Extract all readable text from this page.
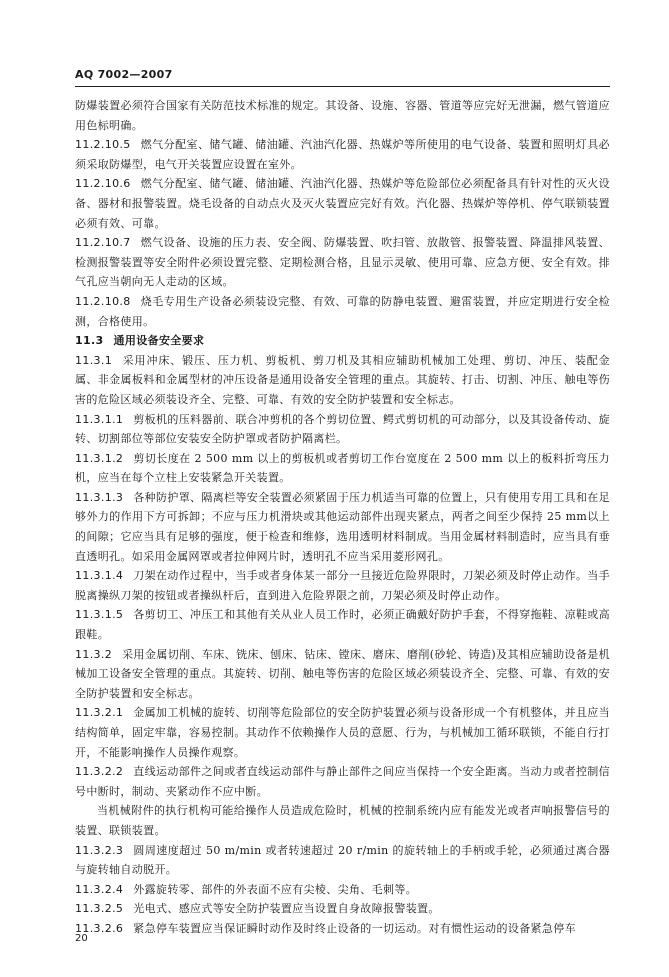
AQ 7002—2007

防爆装置必须符合国家有关防范技术标准的规定。其设备、设施、容器、管道等应完好无泄漏，燃气管道应用色标明确。

11.2.10.5 燃气分配室、储气罐、储油罐、汽油汽化器、热媒炉等所使用的电气设备、装置和照明灯具必须采取防爆型，电气开关装置应设置在室外。

11.2.10.6 燃气分配室、储气罐、储油罐、汽油汽化器、热媒炉等危险部位必须配备具有针对性的灭火设备、器材和报警装置。烧毛设备的自动点火及灭火装置应完好有效。汽化器、热媒炉等停机、停气联锁装置必须有效、可靠。

11.2.10.7 燃气设备、设施的压力表、安全阀、防爆装置、吹扫管、放散管、报警装置、降温排风装置、检测报警装置等安全附件必须设置完整、定期检测合格，且显示灵敏、使用可靠、应急方便、安全有效。排气孔应当朝向无人走动的区域。

11.2.10.8 烧毛专用生产设备必须装设完整、有效、可靠的防静电装置、避雷装置，并应定期进行安全检测，合格使用。

11.3 通用设备安全要求

11.3.1 采用冲床、锻压、压力机、剪板机、剪刀机及其相应辅助机械加工处理、剪切、冲压、装配金属、非金属板料和金属型材的冲压设备是通用设备安全管理的重点。其旋转、打击、切割、冲压、触电等伤害的危险区域必须装设齐全、完整、可靠、有效的安全防护装置和安全标志。

11.3.1.1 剪板机的压料器前、联合冲剪机的各个剪切位置、鳄式剪切机的可动部分，以及其设备传动、旋转、切割部位等部位安装安全防护罩或者防护隔离栏。

11.3.1.2 剪切长度在 2 500 mm 以上的剪板机或者剪切工作台宽度在 2 500 mm 以上的板料折弯压力机，应当在每个立柱上安装紧急开关装置。

11.3.1.3 各种防护罩、隔离栏等安全装置必须紧固于压力机适当可靠的位置上，只有使用专用工具和在足够外力的作用下方可拆卸；不应与压力机滑块或其他运动部件出现夹紧点，两者之间至少保持 25 mm以上的间隙；它应当具有足够的强度，便于检查和维修，选用透明材料制成。当用金属材料制造时，应当具有垂直透明孔。如采用金属网罩或者拉伸网片时，透明孔不应当采用菱形网孔。

11.3.1.4 刀架在动作过程中，当手或者身体某一部分一旦接近危险界限时，刀架必须及时停止动作。当手脱离操纵刀架的按钮或者操纵杆后，直到进入危险界限之前，刀架必须及时停止动作。

11.3.1.5 各剪切工、冲压工和其他有关从业人员工作时，必须正确戴好防护手套，不得穿拖鞋、凉鞋或高跟鞋。

11.3.2 采用金属切削、车床、铣床、刨床、钻床、镗床、磨床、磨削(砂轮、铸造)及其相应辅助设备是机械加工设备安全管理的重点。其旋转、切削、触电等伤害的危险区域必须装设齐全、完整、可靠、有效的安全防护装置和安全标志。

11.3.2.1 金属加工机械的旋转、切削等危险部位的安全防护装置必须与设备形成一个有机整体，并且应当结构简单，固定牢靠，容易控制。其动作不依赖操作人员的意愿、行为，与机械加工循环联锁，不能自行打开，不能影响操作人员操作观察。

11.3.2.2 直线运动部件之间或者直线运动部件与静止部件之间应当保持一个安全距离。当动力或者控制信号中断时，制动、夹紧动作不应中断。

当机械附件的执行机构可能给操作人员造成危险时，机械的控制系统内应有能发光或者声响报警信号的装置、联锁装置。

11.3.2.3 圆周速度超过 50 m/min 或者转速超过 20 r/min 的旋转轴上的手柄或手轮，必须通过离合器与旋转轴自动脱开。

11.3.2.4 外露旋转零、部件的外表面不应有尖棱、尖角、毛刺等。

11.3.2.5 光电式、感应式等安全防护装置应当设置自身故障报警装置。

11.3.2.6 紧急停车装置应当保证瞬时动作及时终止设备的一切运动。对有惯性运动的设备紧急停车

20
